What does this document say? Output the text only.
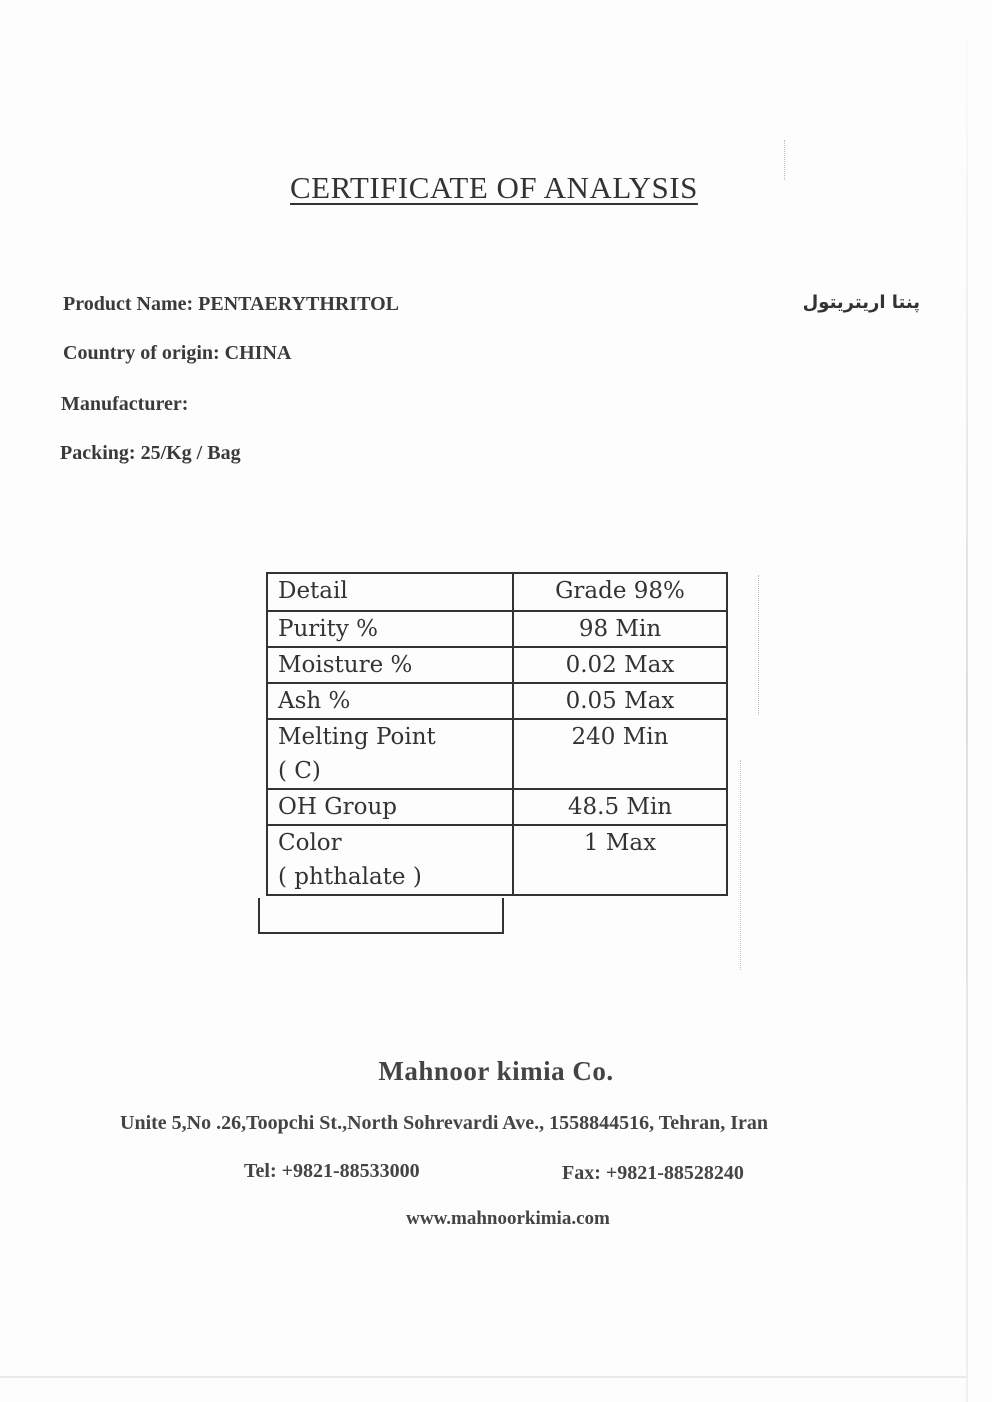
CERTIFICATE OF ANALYSIS
Product Name: PENTAERYTHRITOL	پنتا اریتریتول
Country of origin: CHINA
Manufacturer:
Packing: 25/Kg / Bag
Detail	Grade 98%
Purity %	98 Min
Moisture %	0.02 Max
Ash %	0.05 Max

Melting Point
( C)	240 Min
OH Group	48.5 Min

Color
( phthalate )	1 Max
Mahnoor kimia Co.
Unite 5,No .26,Toopchi St.,North Sohrevardi Ave., 1558844516, Tehran, Iran
Tel: +9821-88533000	Fax: +9821-88528240
www.mahnoorkimia.com
